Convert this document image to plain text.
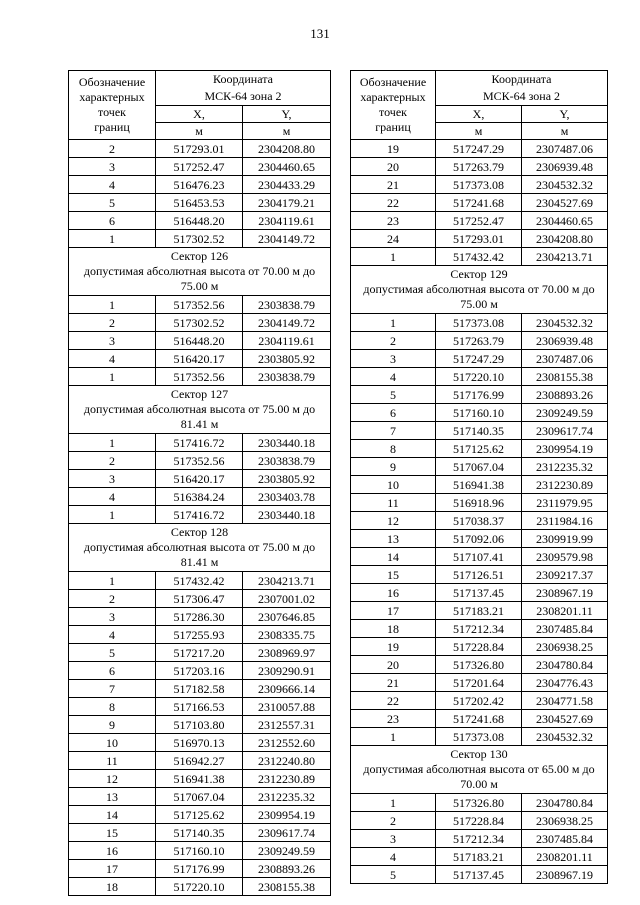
131
Обозначение
характерных
точек
границ	Координата
МСК-64 зона 2	
	X,	Y,
	м	м
2	517293.01	2304208.80
3	517252.47	2304460.65
4	516476.23	2304433.29
5	516453.53	2304179.21
6	516448.20	2304119.61
1	517302.52	2304149.72

Сектор 126
допустимая абсолютная высота от 70.00 м до 75.00 м		

1	517352.56	2303838.79
2	517302.52	2304149.72
3	516448.20	2304119.61
4	516420.17	2303805.92
1	517352.56	2303838.79

Сектор 127
допустимая абсолютная высота от 75.00 м до 81.41 м		

1	517416.72	2303440.18
2	517352.56	2303838.79
3	516420.17	2303805.92
4	516384.24	2303403.78
1	517416.72	2303440.18

Сектор 128
допустимая абсолютная высота от 75.00 м до 81.41 м		

1	517432.42	2304213.71
2	517306.47	2307001.02
3	517286.30	2307646.85
4	517255.93	2308335.75
5	517217.20	2308969.97
6	517203.16	2309290.91
7	517182.58	2309666.14
8	517166.53	2310057.88
9	517103.80	2312557.31
10	516970.13	2312552.60
11	516942.27	2312240.80
12	516941.38	2312230.89
13	517067.04	2312235.32
14	517125.62	2309954.19
15	517140.35	2309617.74
16	517160.10	2309249.59
17	517176.99	2308893.26
18	517220.10	2308155.38
Обозначение
характерных
точек
границ	Координата
МСК-64 зона 2	
	X,	Y,
	м	м
19	517247.29	2307487.06
20	517263.79	2306939.48
21	517373.08	2304532.32
22	517241.68	2304527.69
23	517252.47	2304460.65
24	517293.01	2304208.80
1	517432.42	2304213.71

Сектор 129
допустимая абсолютная высота от 70.00 м до 75.00 м		

1	517373.08	2304532.32
2	517263.79	2306939.48
3	517247.29	2307487.06
4	517220.10	2308155.38
5	517176.99	2308893.26
6	517160.10	2309249.59
7	517140.35	2309617.74
8	517125.62	2309954.19
9	517067.04	2312235.32
10	516941.38	2312230.89
11	516918.96	2311979.95
12	517038.37	2311984.16
13	517092.06	2309919.99
14	517107.41	2309579.98
15	517126.51	2309217.37
16	517137.45	2308967.19
17	517183.21	2308201.11
18	517212.34	2307485.84
19	517228.84	2306938.25
20	517326.80	2304780.84
21	517201.64	2304776.43
22	517202.42	2304771.58
23	517241.68	2304527.69
1	517373.08	2304532.32

Сектор 130
допустимая абсолютная высота от 65.00 м до 70.00 м		

1	517326.80	2304780.84
2	517228.84	2306938.25
3	517212.34	2307485.84
4	517183.21	2308201.11
5	517137.45	2308967.19
